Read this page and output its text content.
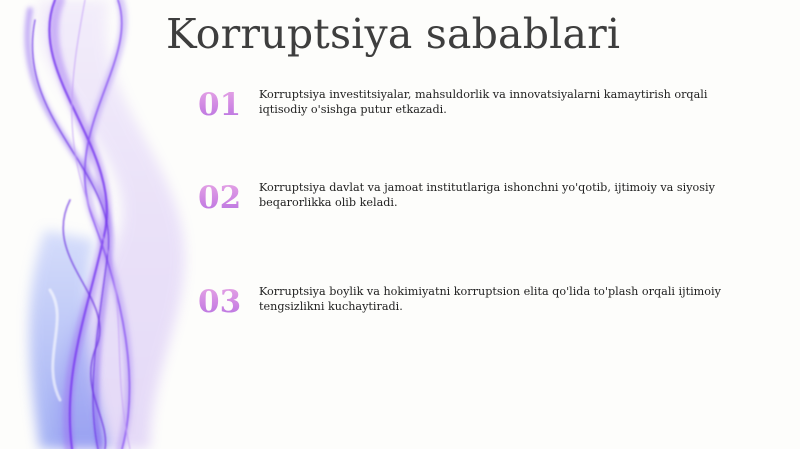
Korruptsiya sabablari
01 Korruptsiya investitsiyalar, mahsuldorlik va innovatsiyalarni kamaytirish orqali iqtisodiy o'sishga putur etkazadi.
02 Korruptsiya davlat va jamoat institutlariga ishonchni yo'qotib, ijtimoiy va siyosiy beqarorlikka olib keladi.
03 Korruptsiya boylik va hokimiyatni korruptsion elita qo'lida to'plash orqali ijtimoiy tengsizlikni kuchaytiradi.
